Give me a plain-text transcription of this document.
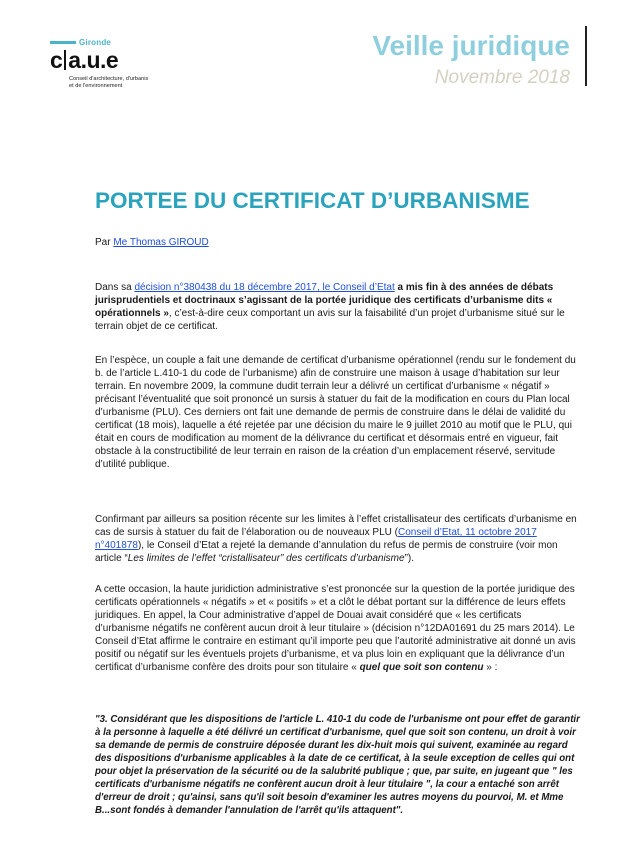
Gironde
c a.u.e
Conseil d'architecture, d'urbanis
et de l'environnement
Veille juridique
Novembre 2018
PORTEE DU CERTIFICAT D’URBANISME
Par Me Thomas GIROUD

Dans sa décision n°380438 du 18 décembre 2017, le Conseil d’Etat a mis fin à des années de débats jurisprudentiels et doctrinaux s’agissant de la portée juridique des certificats d’urbanisme dits « opérationnels », c’est-à-dire ceux comportant un avis sur la faisabilité d’un projet d’urbanisme situé sur le terrain objet de ce certificat.

En l’espèce, un couple a fait une demande de certificat d’urbanisme opérationnel (rendu sur le fondement du b. de l’article L.410-1 du code de l’urbanisme) afin de construire une maison à usage d’habitation sur leur terrain. En novembre 2009, la commune dudit terrain leur a délivré un certificat d’urbanisme « négatif » précisant l’éventualité que soit prononcé un sursis à statuer du fait de la modification en cours du Plan local d’urbanisme (PLU). Ces derniers ont fait une demande de permis de construire dans le délai de validité du certificat (18 mois), laquelle a été rejetée par une décision du maire le 9 juillet 2010 au motif que le PLU, qui était en cours de modification au moment de la délivrance du certificat et désormais entré en vigueur, fait obstacle à la constructibilité de leur terrain en raison de la création d’un emplacement réservé, servitude d’utilité publique.

Confirmant par ailleurs sa position récente sur les limites à l’effet cristallisateur des certificats d’urbanisme en cas de sursis à statuer du fait de l’élaboration ou de nouveaux PLU (Conseil d’Etat, 11 octobre 2017 n°401878), le Conseil d’Etat a rejeté la demande d’annulation du refus de permis de construire (voir mon article “Les limites de l’effet “cristallisateur” des certificats d’urbanisme”).

A cette occasion, la haute juridiction administrative s’est prononcée sur la question de la portée juridique des certificats opérationnels « négatifs » et « positifs » et a clôt le débat portant sur la différence de leurs effets juridiques. En appel, la Cour administrative d’appel de Douai avait considéré que « les certificats d’urbanisme négatifs ne confèrent aucun droit à leur titulaire » (décision n°12DA01691 du 25 mars 2014). Le Conseil d’Etat affirme le contraire en estimant qu’il importe peu que l’autorité administrative ait donné un avis positif ou négatif sur les éventuels projets d’urbanisme, et va plus loin en expliquant que la délivrance d’un certificat d’urbanisme confère des droits pour son titulaire « quel que soit son contenu » :

"3. Considérant que les dispositions de l'article L. 410-1 du code de l'urbanisme ont pour effet de garantir à la personne à laquelle a été délivré un certificat d'urbanisme, quel que soit son contenu, un droit à voir sa demande de permis de construire déposée durant les dix-huit mois qui suivent, examinée au regard des dispositions d'urbanisme applicables à la date de ce certificat, à la seule exception de celles qui ont pour objet la préservation de la sécurité ou de la salubrité publique ; que, par suite, en jugeant que " les certificats d'urbanisme négatifs ne confèrent aucun droit à leur titulaire ", la cour a entaché son arrêt d'erreur de droit ; qu'ainsi, sans qu'il soit besoin d'examiner les autres moyens du pourvoi, M. et Mme B...sont fondés à demander l'annulation de l'arrêt qu'ils attaquent".
